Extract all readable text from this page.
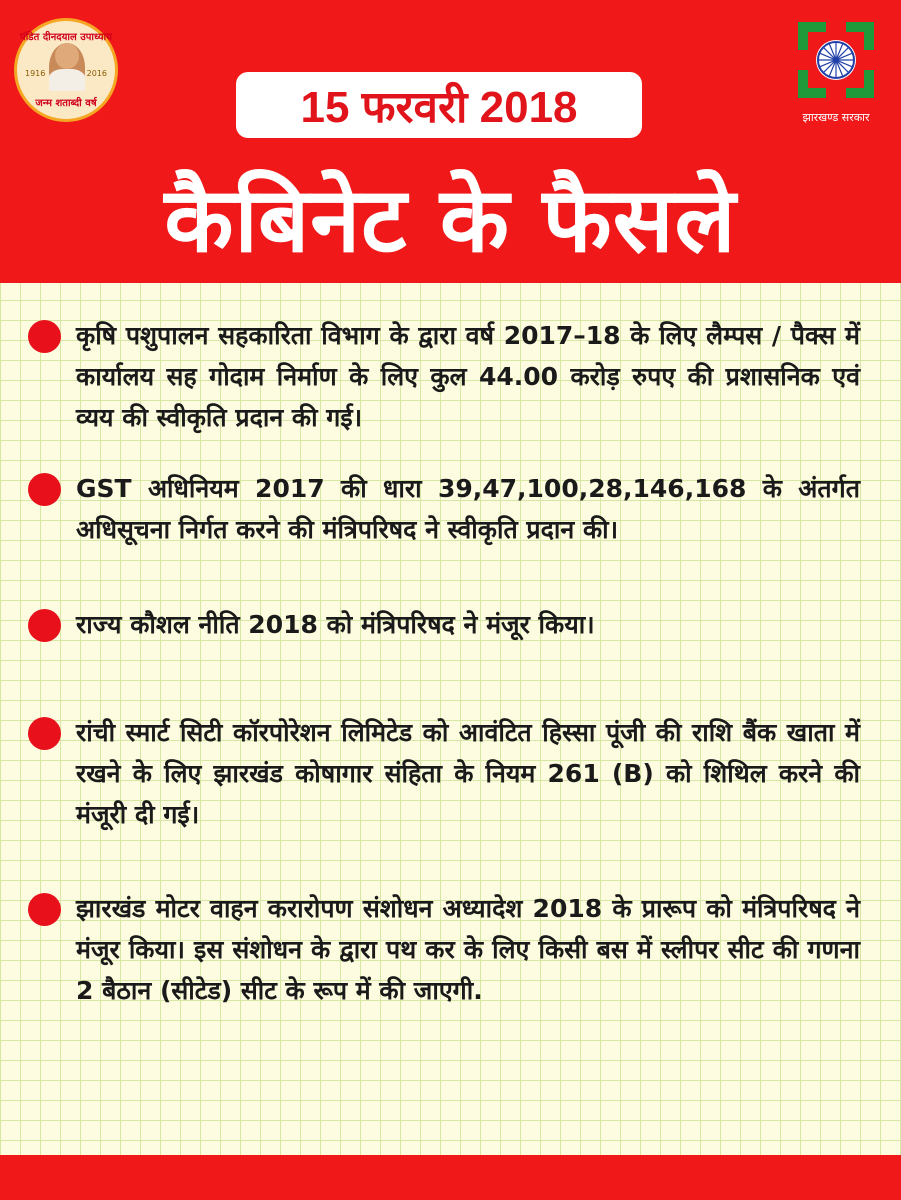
पंडित दीनदयाल उपाध्याय
1916	2016
जन्म शताब्दी वर्ष
झारखण्ड सरकार
15 फरवरी 2018
कैबिनेट के फैसले

कृषि पशुपालन सहकारिता विभाग के द्वारा वर्ष 2017–18 के लिए लैम्पस / पैक्स में कार्यालय सह गोदाम निर्माण के लिए कुल 44.00 करोड़ रुपए की प्रशासनिक एवं व्यय की स्वीकृति प्रदान की गई।

GST अधिनियम 2017 की धारा 39,47,100,28,146,168 के अंतर्गत अधिसूचना निर्गत करने की मंत्रिपरिषद ने स्वीकृति प्रदान की।

राज्य कौशल नीति 2018 को मंत्रिपरिषद ने मंजूर किया।

रांची स्मार्ट सिटी कॉरपोरेशन लिमिटेड को आवंटित हिस्सा पूंजी की राशि बैंक खाता में रखने के लिए झारखंड कोषागार संहिता के नियम 261 (B) को शिथिल करने की मंजूरी दी गई।

झारखंड मोटर वाहन करारोपण संशोधन अध्यादेश 2018 के प्रारूप को मंत्रिपरिषद ने मंजूर किया। इस संशोधन के द्वारा पथ कर के लिए किसी बस में स्लीपर सीट की गणना 2 बैठान (सीटेड) सीट के रूप में की जाएगी.
